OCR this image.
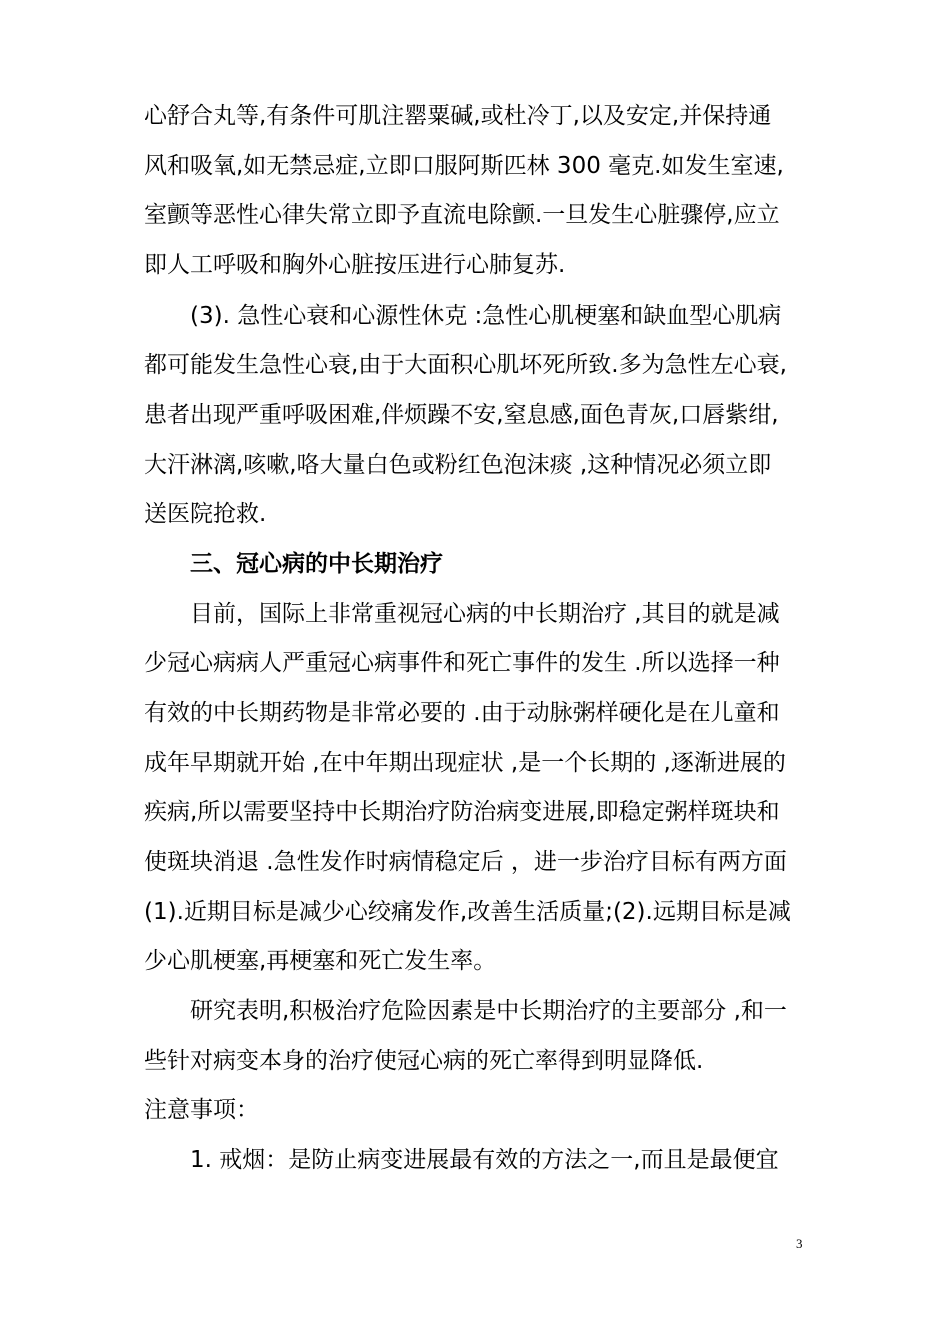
心舒合丸等,有条件可肌注罂粟碱,或杜冷丁,以及安定,并保持通
风和吸氧,如无禁忌症,立即口服阿斯匹林 300 毫克.如发生室速,
室颤等恶性心律失常立即予直流电除颤.一旦发生心脏骤停,应立
即人工呼吸和胸外心脏按压进行心肺复苏.
(3). 急性心衰和心源性休克 :急性心肌梗塞和缺血型心肌病
都可能发生急性心衰,由于大面积心肌坏死所致.多为急性左心衰,
患者出现严重呼吸困难,伴烦躁不安,窒息感,面色青灰,口唇紫绀,
大汗淋漓,咳嗽,咯大量白色或粉红色泡沫痰 ,这种情况必须立即
送医院抢救.
三、冠心病的中长期治疗
目前，国际上非常重视冠心病的中长期治疗 ,其目的就是减
少冠心病病人严重冠心病事件和死亡事件的发生 .所以选择一种
有效的中长期药物是非常必要的 .由于动脉粥样硬化是在儿童和
成年早期就开始 ,在中年期出现症状 ,是一个长期的 ,逐渐进展的
疾病,所以需要坚持中长期治疗防治病变进展,即稳定粥样斑块和
使斑块消退 .急性发作时病情稳定后 ，进一步治疗目标有两方面
(1).近期目标是减少心绞痛发作,改善生活质量;(2).远期目标是减
少心肌梗塞,再梗塞和死亡发生率。
研究表明,积极治疗危险因素是中长期治疗的主要部分 ,和一
些针对病变本身的治疗使冠心病的死亡率得到明显降低.
注意事项：
1. 戒烟：是防止病变进展最有效的方法之一,而且是最便宜
3
